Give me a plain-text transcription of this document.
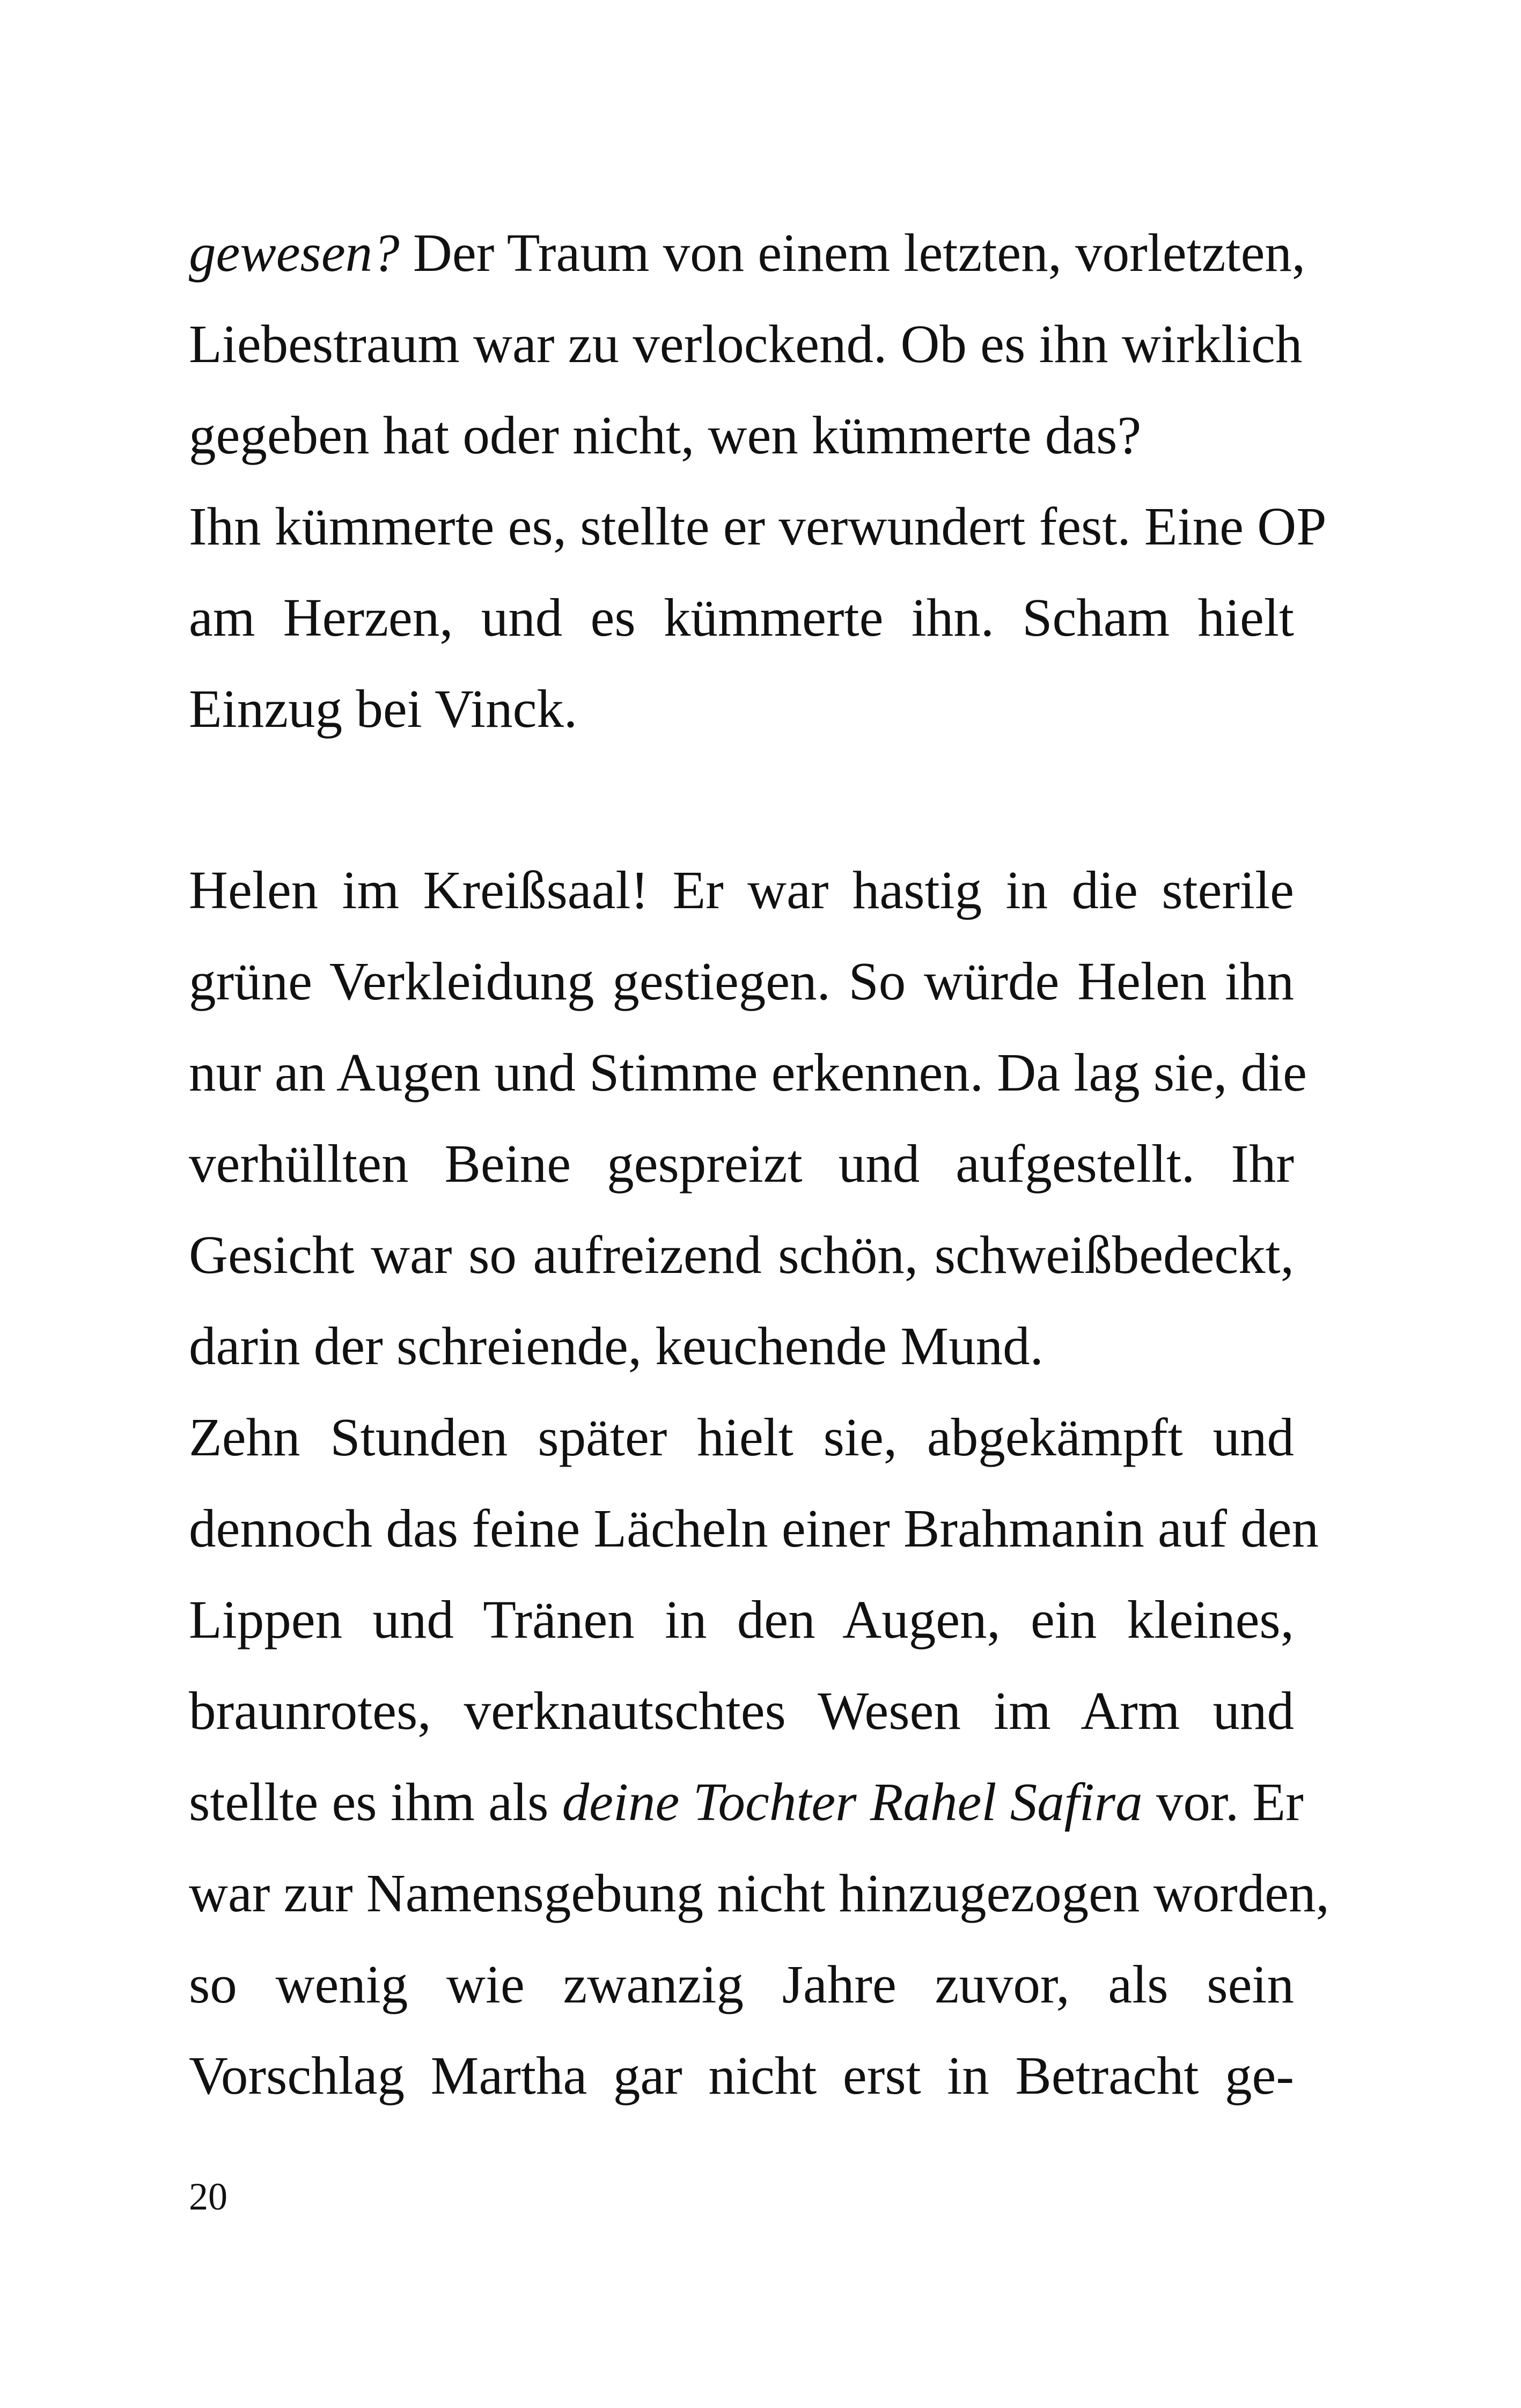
gewesen? Der Traum von einem letzten, vorletzten,
Liebestraum war zu verlockend. Ob es ihn wirklich
gegeben hat oder nicht, wen kümmerte das?
Ihn kümmerte es, stellte er verwundert fest. Eine OP
am Herzen, und es kümmerte ihn. Scham hielt
Einzug bei Vinck.
Helen im Kreißsaal! Er war hastig in die sterile
grüne Verkleidung gestiegen. So würde Helen ihn
nur an Augen und Stimme erkennen. Da lag sie, die
verhüllten Beine gespreizt und aufgestellt. Ihr
Gesicht war so aufreizend schön, schweißbedeckt,
darin der schreiende, keuchende Mund.
Zehn Stunden später hielt sie, abgekämpft und
dennoch das feine Lächeln einer Brahmanin auf den
Lippen und Tränen in den Augen, ein kleines,
braunrotes, verknautschtes Wesen im Arm und
stellte es ihm als deine Tochter Rahel Safira vor. Er
war zur Namensgebung nicht hinzugezogen worden,
so wenig wie zwanzig Jahre zuvor, als sein
Vorschlag Martha gar nicht erst in Betracht ge-
20
